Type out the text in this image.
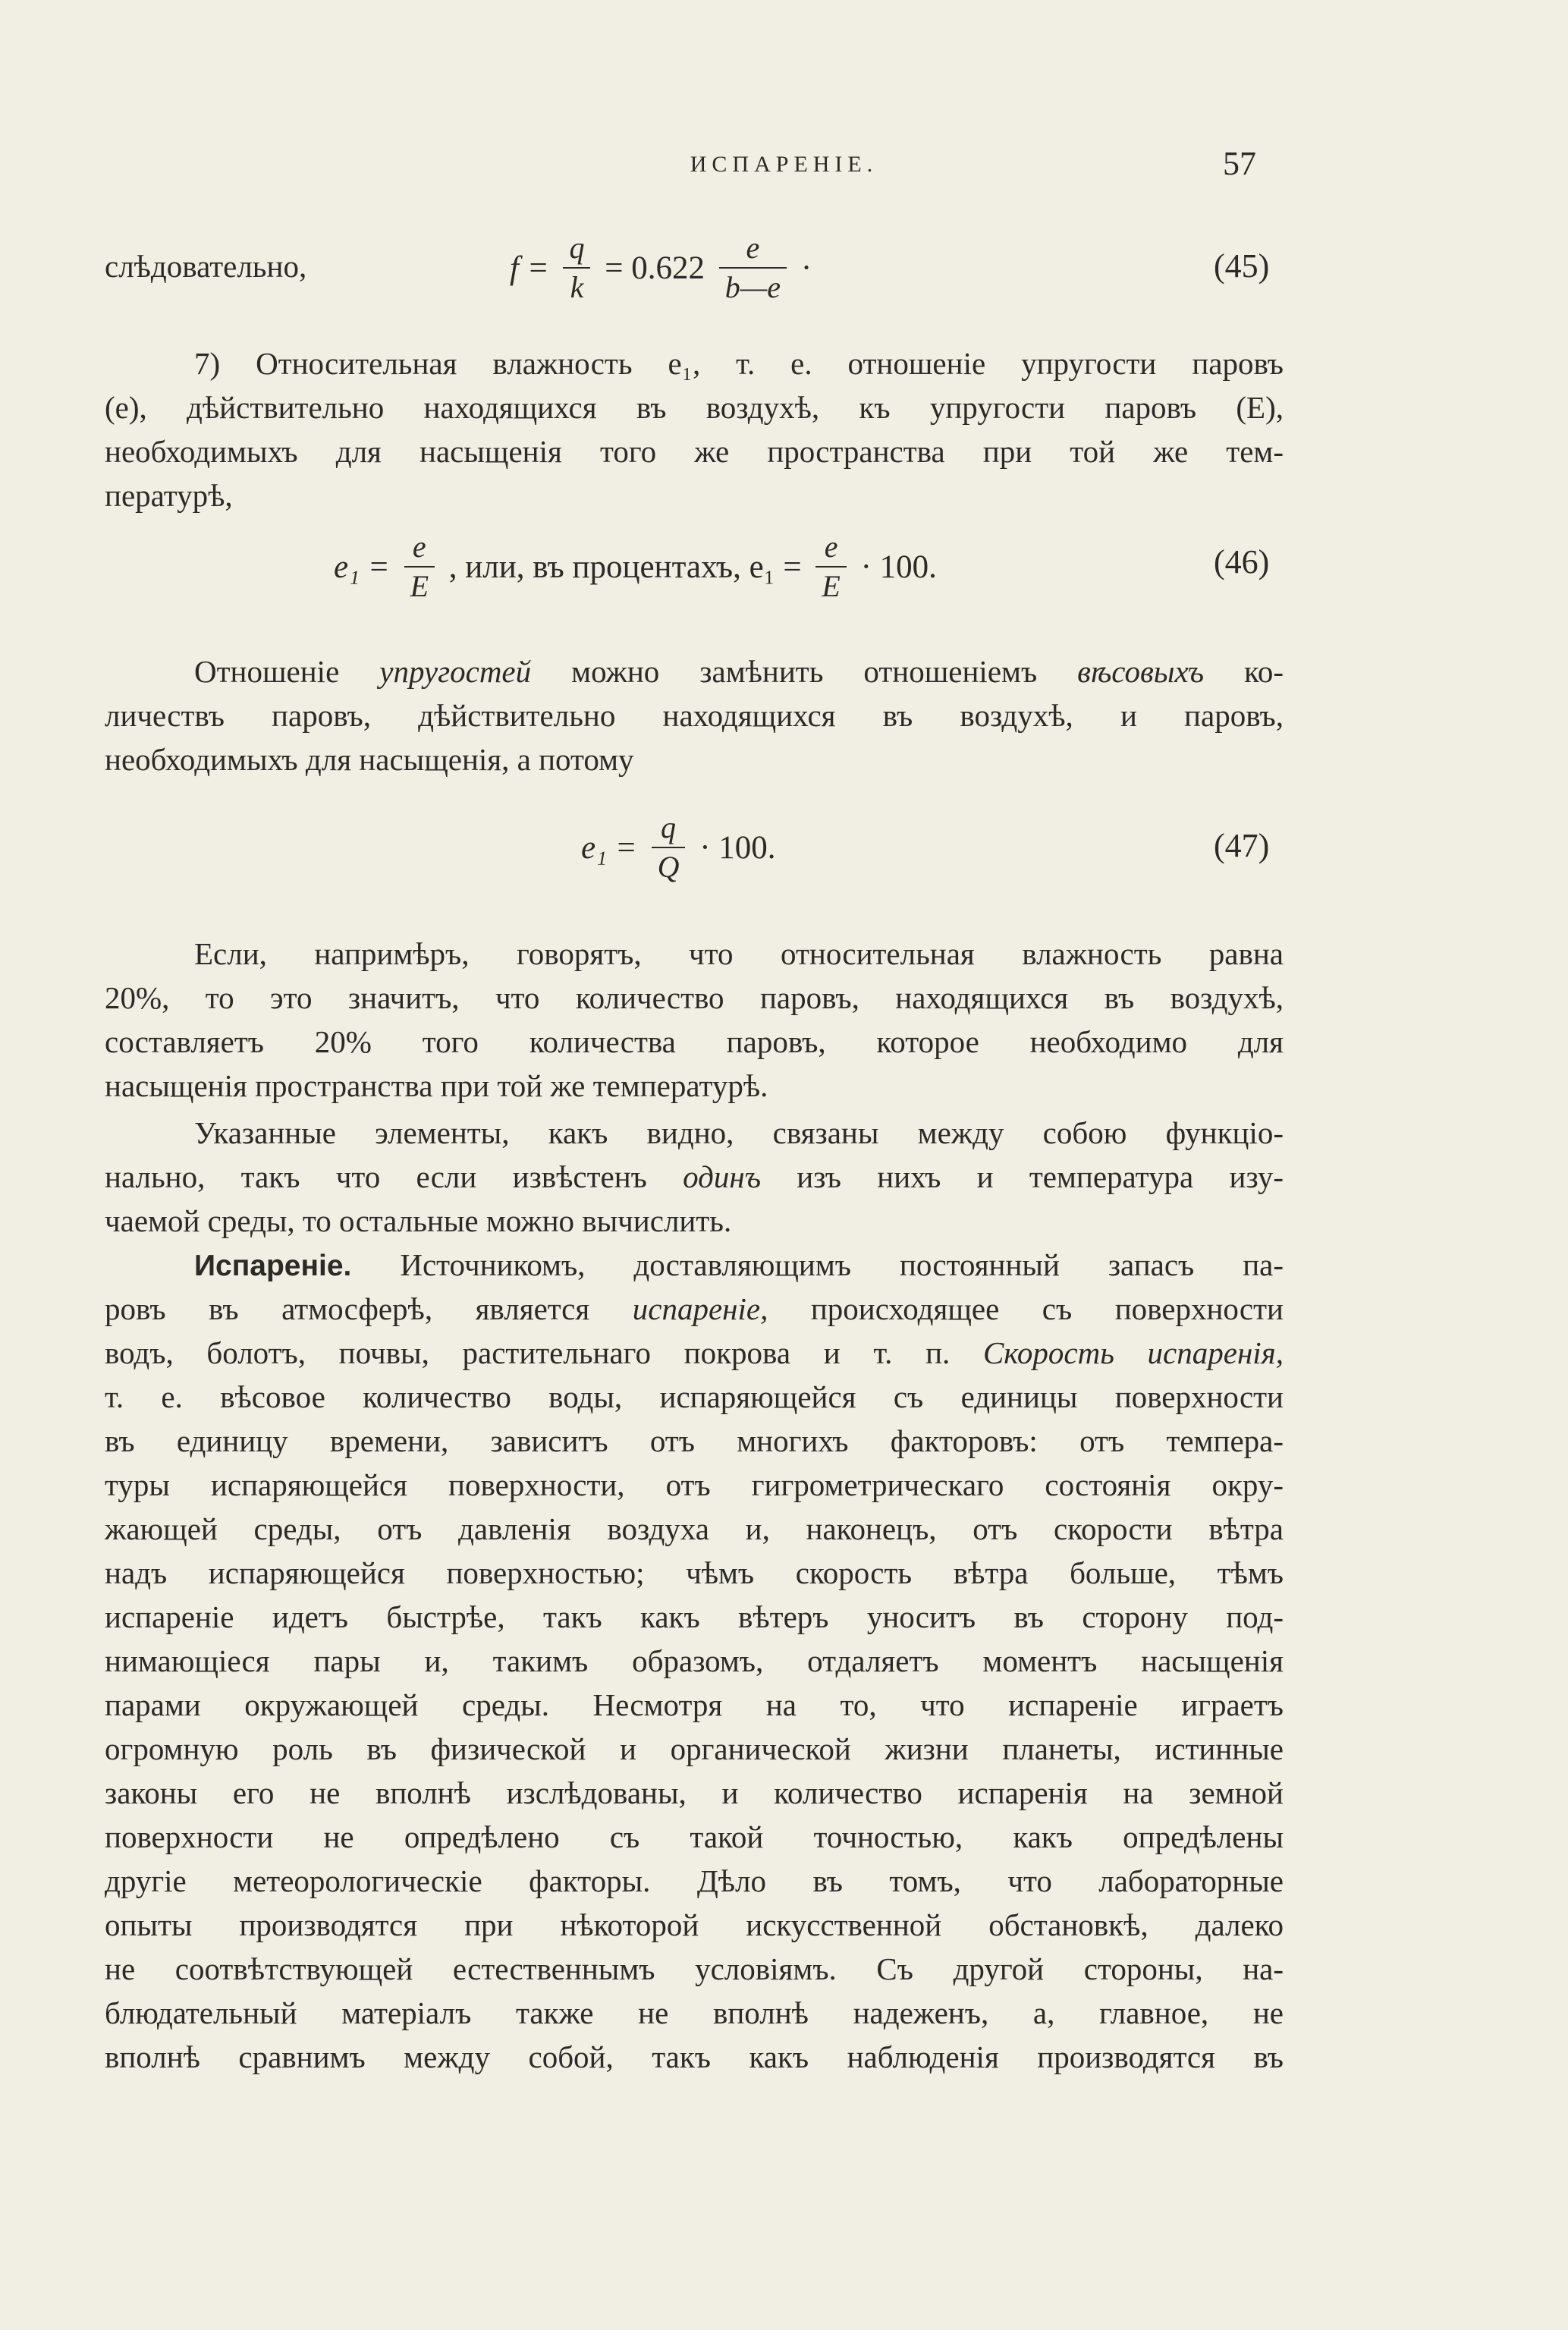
ИСПАРЕНІЕ.	57
слѣдовательно,	$f = \frac{q}{k} = 0.622 \frac{e}{b—e}$ ·	(45)
7) Относительная влажность e₁, т. е. отношеніе упругости паровъ
(e), дѣйствительно находящихся въ воздухѣ, къ упругости паровъ (E),
необходимыхъ для насыщенія того же пространства при той же тем-
пературѣ,
$e_1 = \frac{e}{E}$ , или, въ процентахъ, $e_1 = \frac{e}{E} \cdot 100$.	(46)
Отношеніе упругостей можно замѣнить отношеніемъ вѣсовыхъ ко-
личествъ паровъ, дѣйствительно находящихся въ воздухѣ, и паровъ,
необходимыхъ для насыщенія, а потому
$e_1 = \frac{q}{Q} \cdot 100$.	(47)
Если, напримѣръ, говорятъ, что относительная влажность равна
20%, то это значитъ, что количество паровъ, находящихся въ воздухѣ,
составляетъ 20% того количества паровъ, которое необходимо для
насыщенія пространства при той же температурѣ.
Указанные элементы, какъ видно, связаны между собою функціо-
нально, такъ что если извѣстенъ одинъ изъ нихъ и температура изу-
чаемой среды, то остальные можно вычислить.
Испареніе. Источникомъ, доставляющимъ постоянный запасъ па-
ровъ въ атмосферѣ, является испареніе, происходящее съ поверхности
водъ, болотъ, почвы, растительнаго покрова и т. п. Скорость испаренія,
т. е. вѣсовое количество воды, испаряющейся съ единицы поверхности
въ единицу времени, зависитъ отъ многихъ факторовъ: отъ темпера-
туры испаряющейся поверхности, отъ гигрометрическаго состоянія окру-
жающей среды, отъ давленія воздуха и, наконецъ, отъ скорости вѣтра
надъ испаряющейся поверхностью; чѣмъ скорость вѣтра больше, тѣмъ
испареніе идетъ быстрѣе, такъ какъ вѣтеръ уноситъ въ сторону под-
нимающіеся пары и, такимъ образомъ, отдаляетъ моментъ насыщенія
парами окружающей среды. Несмотря на то, что испареніе играетъ
огромную роль въ физической и органической жизни планеты, истинные
законы его не вполнѣ изслѣдованы, и количество испаренія на земной
поверхности не опредѣлено съ такой точностью, какъ опредѣлены
другіе метеорологическіе факторы. Дѣло въ томъ, что лабораторные
опыты производятся при нѣкоторой искусственной обстановкѣ, далеко
не соотвѣтствующей естественнымъ условіямъ. Съ другой стороны, на-
блюдательный матеріалъ также не вполнѣ надеженъ, а, главное, не
вполнѣ сравнимъ между собой, такъ какъ наблюденія производятся въ
